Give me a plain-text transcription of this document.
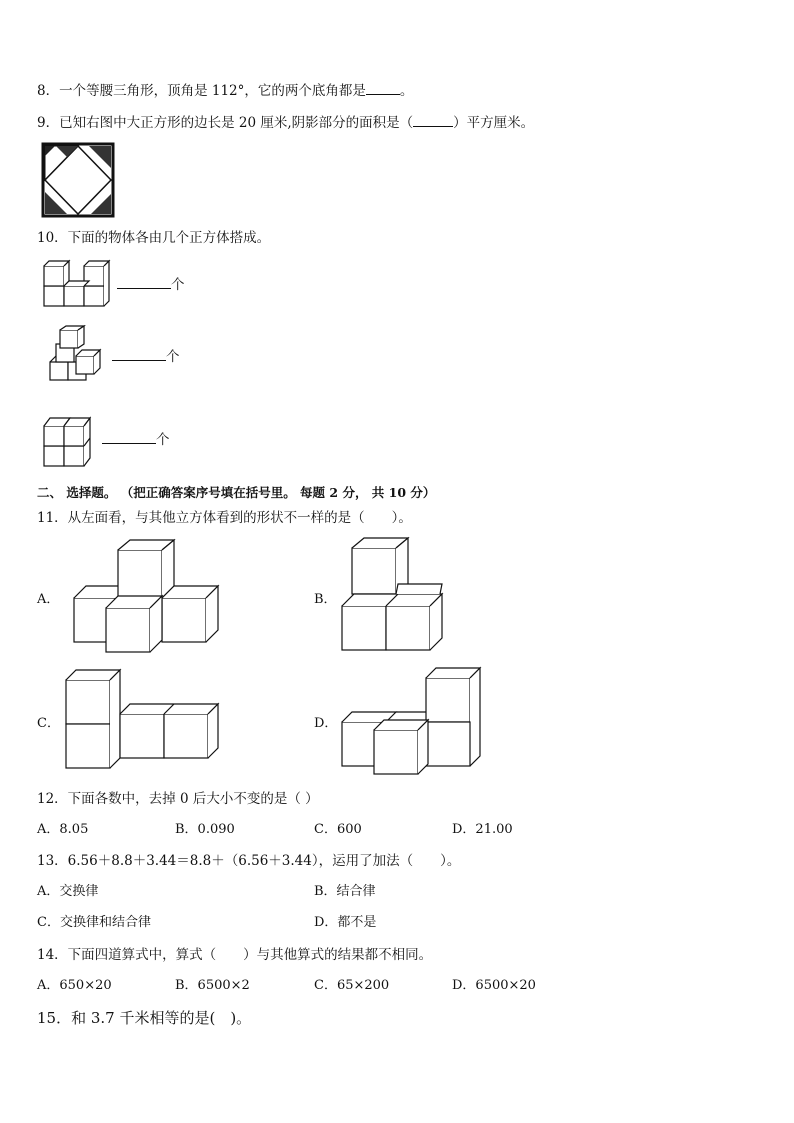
8．一个等腰三角形，顶角是 112°，它的两个底角都是	。
9．已知右图中大正方形的边长是 20 厘米,阴影部分的面积是（	）平方厘米。
10．下面的物体各由几个正方体搭成。
个
个
个
二、 选择题。 （把正确答案序号填在括号里。 每题 2 分， 共 10 分）
11．从左面看，与其他立方体看到的形状不一样的是（　　）。
A．	B．
C．	D．
12．下面各数中，去掉 0 后大小不变的是（ ）
A．8.05	B．0.090	C．600	D．21.00
13．6.56＋8.8＋3.44＝8.8＋（6.56＋3.44），运用了加法（　　）。
A．交换律	B．结合律
C．交换律和结合律	D．都不是
14．下面四道算式中，算式（　　）与其他算式的结果都不相同。
A．650×20	B．6500×2	C．65×200	D．6500×20
15．和 3.7 千米相等的是(　)。
